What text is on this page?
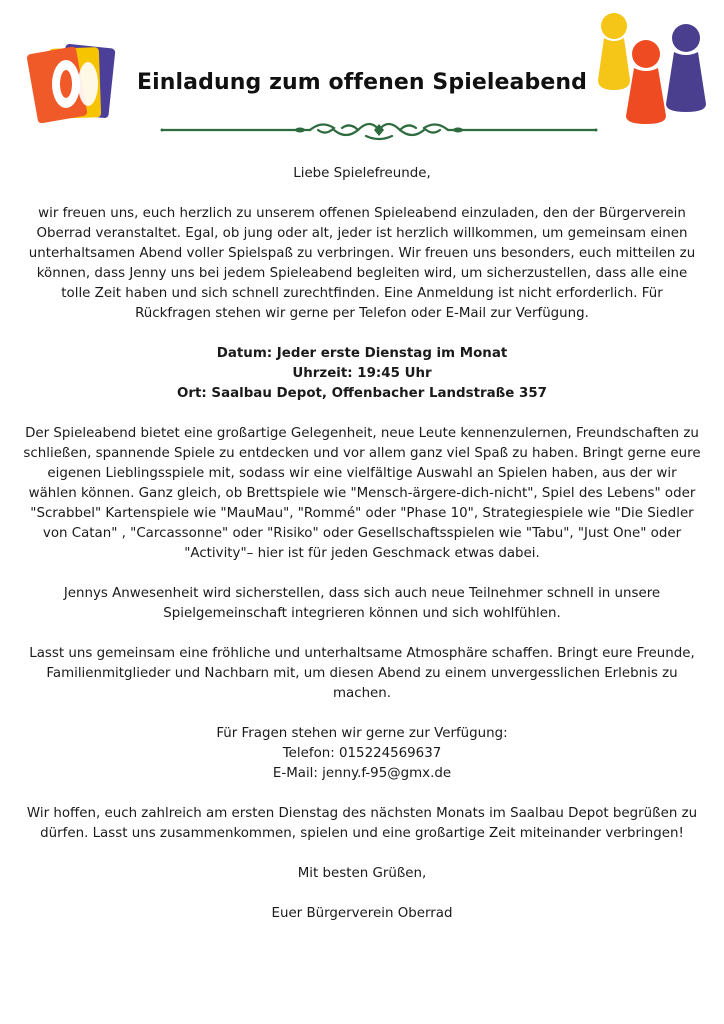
Einladung zum offenen Spieleabend

Liebe Spielefreunde,

wir freuen uns, euch herzlich zu unserem offenen Spieleabend einzuladen, den der Bürgerverein Oberrad veranstaltet. Egal, ob jung oder alt, jeder ist herzlich willkommen, um gemeinsam einen unterhaltsamen Abend voller Spielspaß zu verbringen. Wir freuen uns besonders, euch mitteilen zu können, dass Jenny uns bei jedem Spieleabend begleiten wird, um sicherzustellen, dass alle eine tolle Zeit haben und sich schnell zurechtfinden. Eine Anmeldung ist nicht erforderlich. Für Rückfragen stehen wir gerne per Telefon oder E-Mail zur Verfügung.

Datum: Jeder erste Dienstag im Monat
Uhrzeit: 19:45 Uhr
Ort: Saalbau Depot, Offenbacher Landstraße 357

Der Spieleabend bietet eine großartige Gelegenheit, neue Leute kennenzulernen, Freundschaften zu schließen, spannende Spiele zu entdecken und vor allem ganz viel Spaß zu haben. Bringt gerne eure eigenen Lieblingsspiele mit, sodass wir eine vielfältige Auswahl an Spielen haben, aus der wir wählen können. Ganz gleich, ob Brettspiele wie "Mensch-ärgere-dich-nicht", Spiel des Lebens" oder "Scrabbel" Kartenspiele wie "MauMau", "Rommé" oder "Phase 10", Strategiespiele wie "Die Siedler von Catan" , "Carcassonne" oder "Risiko" oder Gesellschaftsspielen wie "Tabu", "Just One" oder "Activity"– hier ist für jeden Geschmack etwas dabei.

Jennys Anwesenheit wird sicherstellen, dass sich auch neue Teilnehmer schnell in unsere Spielgemeinschaft integrieren können und sich wohlfühlen.

Lasst uns gemeinsam eine fröhliche und unterhaltsame Atmosphäre schaffen. Bringt eure Freunde, Familienmitglieder und Nachbarn mit, um diesen Abend zu einem unvergesslichen Erlebnis zu machen.

Für Fragen stehen wir gerne zur Verfügung:
Telefon: 015224569637
E-Mail: jenny.f-95@gmx.de

Wir hoffen, euch zahlreich am ersten Dienstag des nächsten Monats im Saalbau Depot begrüßen zu dürfen. Lasst uns zusammenkommen, spielen und eine großartige Zeit miteinander verbringen!

Mit besten Grüßen,

Euer Bürgerverein Oberrad
